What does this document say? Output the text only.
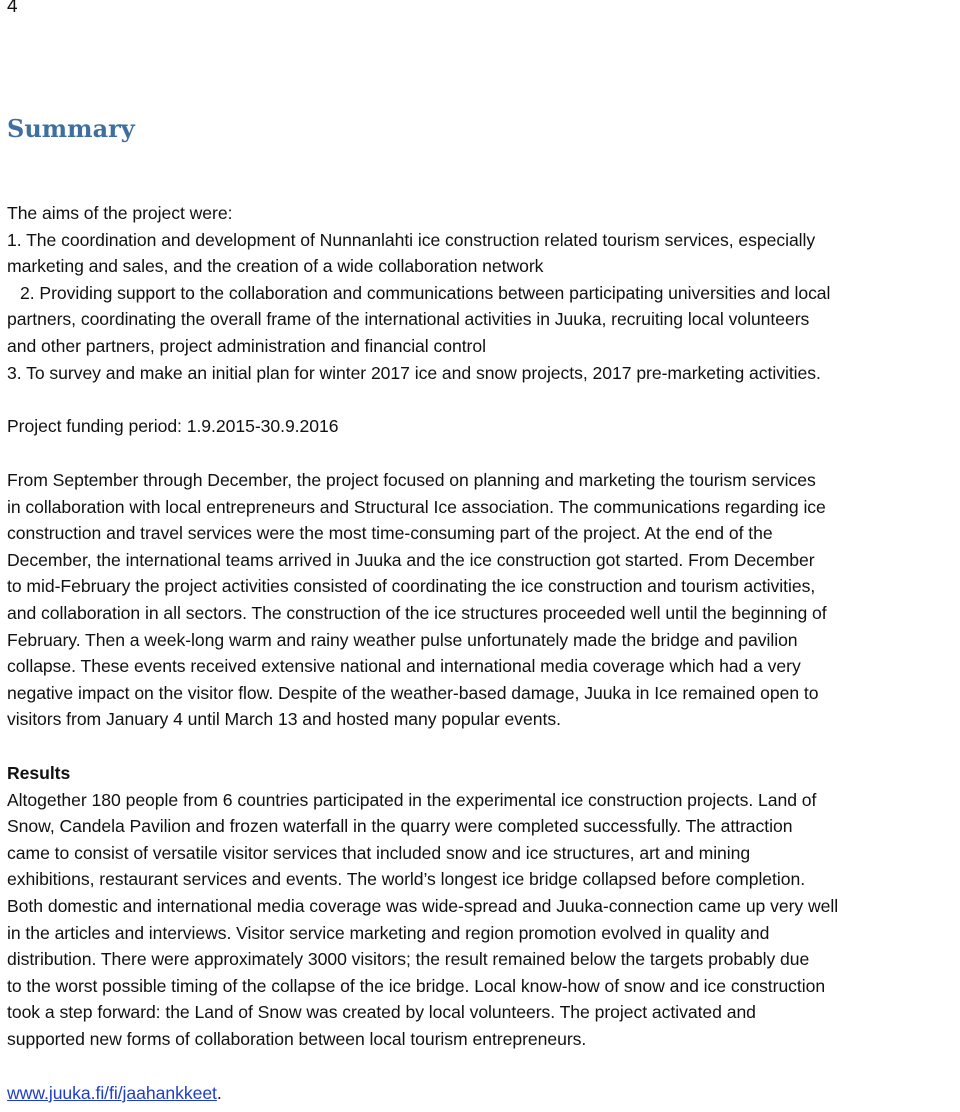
4
Summary
The aims of the project were:
1. The coordination and development of Nunnanlahti ice construction related tourism services, especially
marketing and sales, and the creation of a wide collaboration network
2. Providing support to the collaboration and communications between participating universities and local
partners, coordinating the overall frame of the international activities in Juuka, recruiting local volunteers
and other partners, project administration and financial control
3. To survey and make an initial plan for winter 2017 ice and snow projects, 2017 pre-marketing activities.
Project funding period: 1.9.2015-30.9.2016
From September through December, the project focused on planning and marketing the tourism services
in collaboration with local entrepreneurs and Structural Ice association. The communications regarding ice
construction and travel services were the most time-consuming part of the project. At the end of the
December, the international teams arrived in Juuka and the ice construction got started. From December
to mid-February the project activities consisted of coordinating the ice construction and tourism activities,
and collaboration in all sectors. The construction of the ice structures proceeded well until the beginning of
February. Then a week-long warm and rainy weather pulse unfortunately made the bridge and pavilion
collapse. These events received extensive national and international media coverage which had a very
negative impact on the visitor flow. Despite of the weather-based damage, Juuka in Ice remained open to
visitors from January 4 until March 13 and hosted many popular events.
Results
Altogether 180 people from 6 countries participated in the experimental ice construction projects. Land of
Snow, Candela Pavilion and frozen waterfall in the quarry were completed successfully. The attraction
came to consist of versatile visitor services that included snow and ice structures, art and mining
exhibitions, restaurant services and events. The world’s longest ice bridge collapsed before completion.
Both domestic and international media coverage was wide-spread and Juuka-connection came up very well
in the articles and interviews. Visitor service marketing and region promotion evolved in quality and
distribution. There were approximately 3000 visitors; the result remained below the targets probably due
to the worst possible timing of the collapse of the ice bridge. Local know-how of snow and ice construction
took a step forward: the Land of Snow was created by local volunteers. The project activated and
supported new forms of collaboration between local tourism entrepreneurs.
www.juuka.fi/fi/jaahankkeet.
